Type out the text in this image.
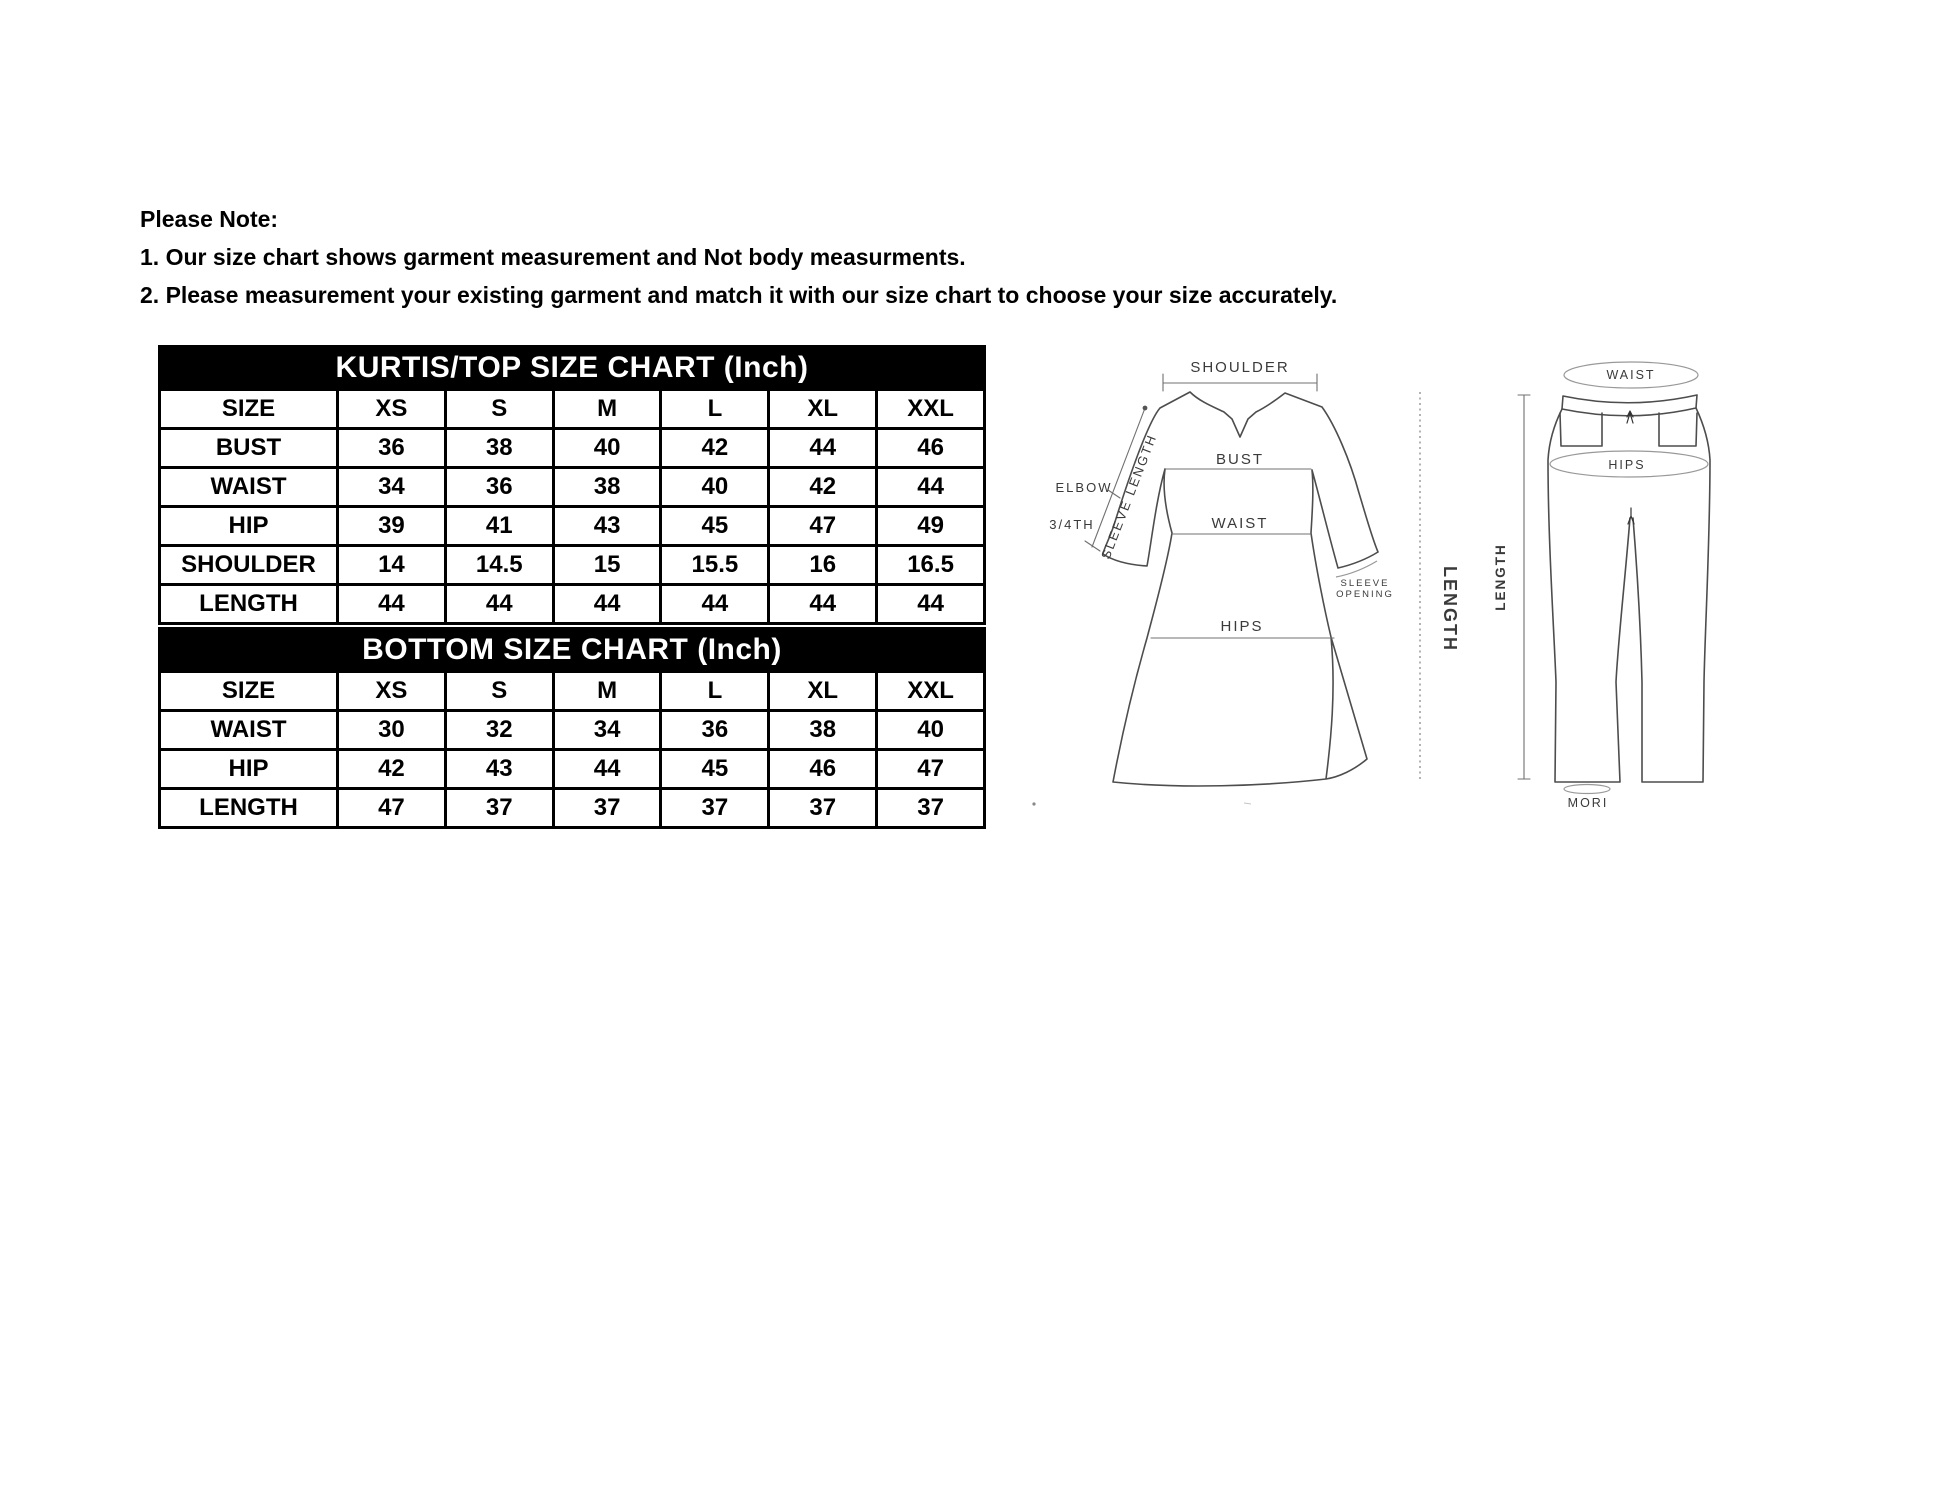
Please Note:
1. Our size chart shows garment measurement and Not body measurments.
2. Please measurement your existing garment and match it with our size chart to choose your size accurately.
KURTIS/TOP SIZE CHART (Inch)						
SIZE	XS	S	M	L	XL	XXL
BUST	36	38	40	42	44	46
WAIST	34	36	38	40	42	44
HIP	39	41	43	45	47	49
SHOULDER	14	14.5	15	15.5	16	16.5
LENGTH	44	44	44	44	44	44
BOTTOM SIZE CHART (Inch)						
SIZE	XS	S	M	L	XL	XXL
WAIST	30	32	34	36	38	40
HIP	42	43	44	45	46	47
LENGTH	47	37	37	37	37	37
SHOULDER
BUST
WAIST
HIPS
ELBOW
3/4TH SLEEVE LENGTH
SLEEVE
OPENING	LENGTH
WAIST
HIPS
MORI
LENGTH
